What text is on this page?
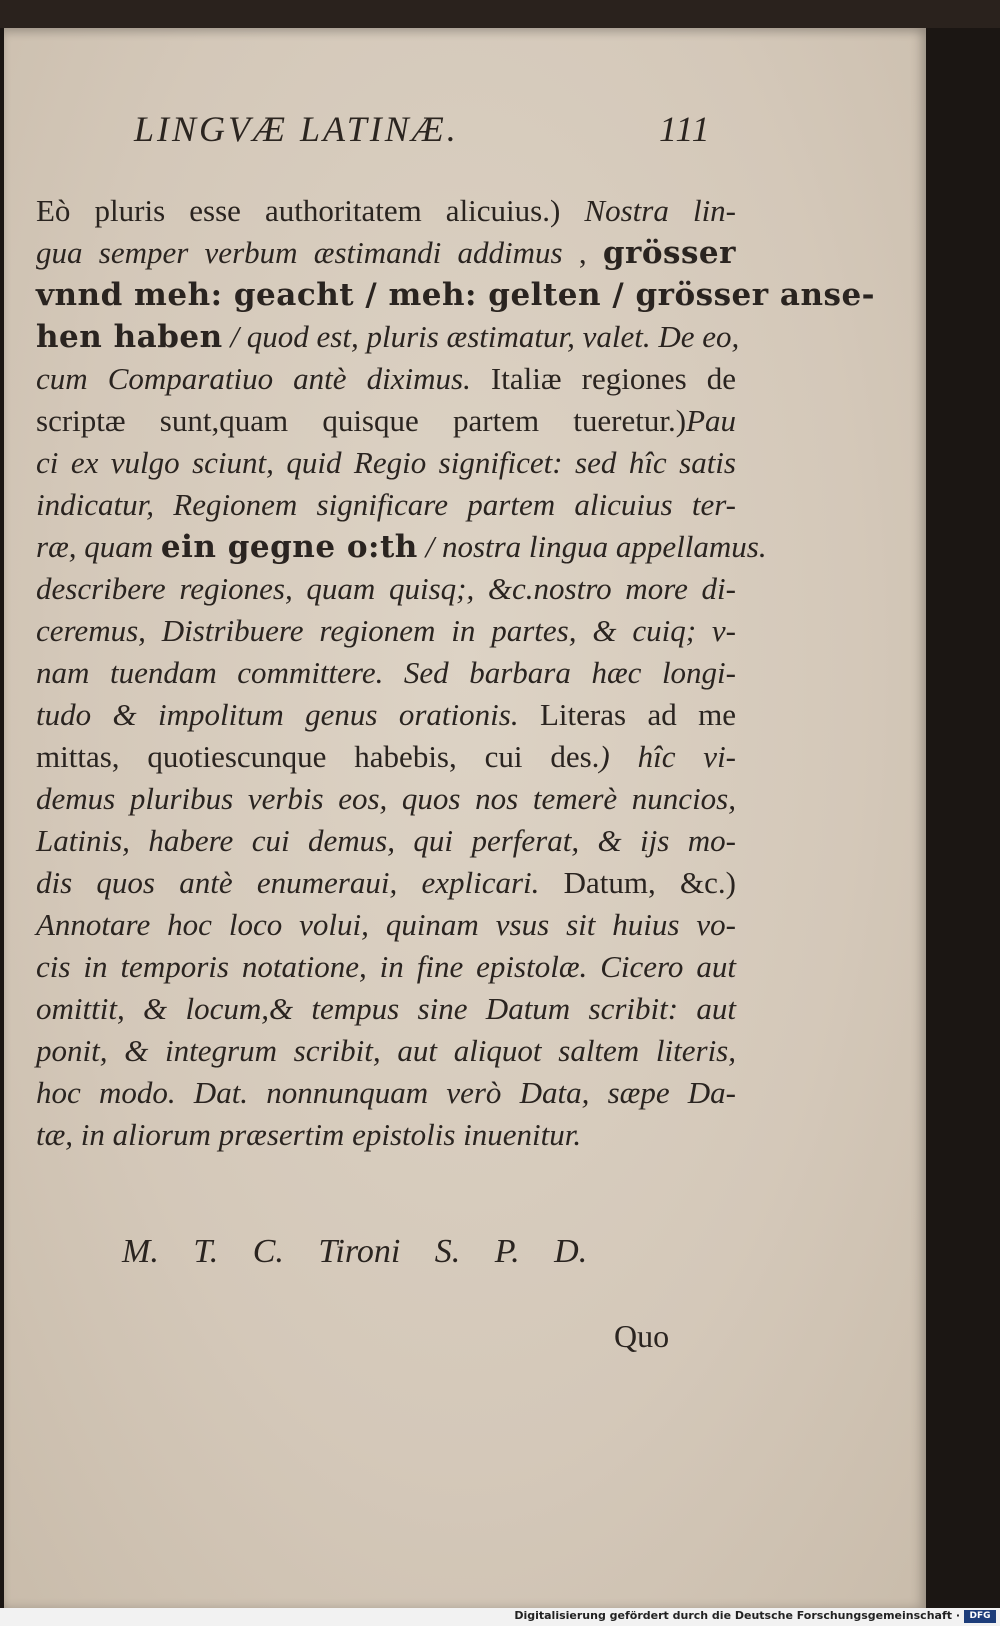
LINGVÆ LATINÆ.	111
Eò pluris esse authoritatem alicuius.) Nostra lin-
gua semper verbum æstimandi addimus , grösser
vnnd meh: geacht / meh: gelten / grösser anse-
hen haben / quod est, pluris æstimatur, valet. De eo,
cum Comparatiuo antè diximus. Italiæ regiones de
scriptæ sunt,quam quisque partem tueretur.)Pau
ci ex vulgo sciunt, quid Regio significet: sed hîc satis
indicatur, Regionem significare partem alicuius ter-
ræ, quam ein gegne o:th / nostra lingua appellamus.
describere regiones, quam quisq;, &c.nostro more di-
ceremus, Distribuere regionem in partes, & cuiq; v-
nam tuendam committere. Sed barbara hæc longi-
tudo & impolitum genus orationis. Literas ad me
mittas, quotiescunque habebis, cui des.) hîc vi-
demus pluribus verbis eos, quos nos temerè nuncios,
Latinis, habere cui demus, qui perferat, & ijs mo-
dis quos antè enumeraui, explicari. Datum, &c.)
Annotare hoc loco volui, quinam vsus sit huius vo-
cis in temporis notatione, in fine epistolæ. Cicero aut
omittit, & locum,& tempus sine Datum scribit: aut
ponit, & integrum scribit, aut aliquot saltem literis,
hoc modo. Dat. nonnunquam verò Data, sæpe Da-
tæ, in aliorum præsertim epistolis inuenitur.
M. T. C. Tironi S. P. D.
Quo
Digitalisierung gefördert durch die Deutsche Forschungsgemeinschaft ·	DFG
